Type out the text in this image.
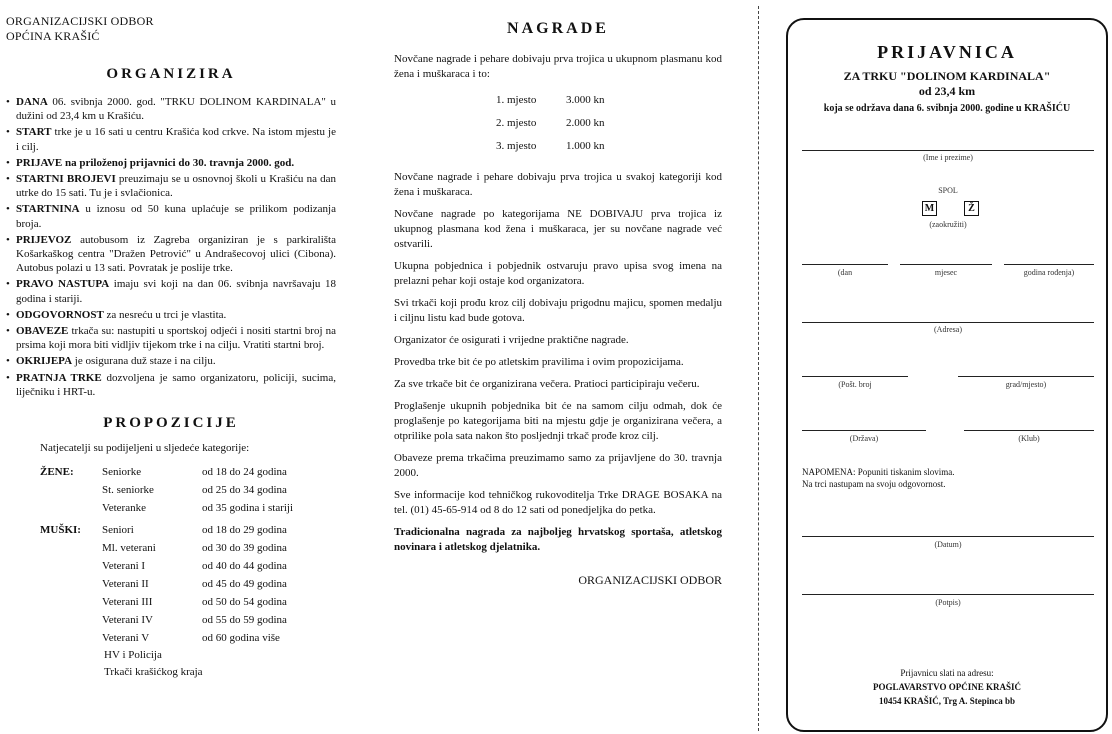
ORGANIZACIJSKI ODBOR
OPĆINA KRAŠIĆ
ORGANIZIRA
• DANA 06. svibnja 2000. god. "TRKU DOLINOM KARDINALA" u dužini od 23,4 km u Krašiću.
• START trke je u 16 sati u centru Krašića kod crkve. Na istom mjestu je i cilj.
• PRIJAVE na priloženoj prijavnici do 30. travnja 2000. god.
• STARTNI BROJEVI preuzimaju se u osnovnoj školi u Krašiću na dan utrke do 15 sati. Tu je i svlačionica.
• STARTNINA u iznosu od 50 kuna uplaćuje se prilikom podizanja broja.
• PRIJEVOZ autobusom iz Zagreba organiziran je s parkirališta Košarkaškog centra "Dražen Petrović" u Andrašecovoj ulici (Cibona). Autobus polazi u 13 sati. Povratak je poslije trke.
• PRAVO NASTUPA imaju svi koji na dan 06. svibnja navršavaju 18 godina i stariji.
• ODGOVORNOST za nesreću u trci je vlastita.
• OBAVEZE trkača su: nastupiti u sportskoj odjeći i nositi startni broj na prsima koji mora biti vidljiv tijekom trke i na cilju. Vratiti startni broj.
• OKRIJEPA je osigurana duž staze i na cilju.
• PRATNJA TRKE dozvoljena je samo organizatoru, policiji, sucima, liječniku i HRT-u.
PROPOZICIJE
Natjecatelji su podijeljeni u sljedeće kategorije:
ŽENE:	Seniorke	od 18 do 24 godina
St. seniorke	od 25 do 34 godina
Veteranke	od 35 godina i stariji
MUŠKI:	Seniori	od 18 do 29 godina
Ml. veterani	od 30 do 39 godina
Veterani I	od 40 do 44 godina
Veterani II	od 45 do 49 godina
Veterani III	od 50 do 54 godina
Veterani IV	od 55 do 59 godina
Veterani V	od 60 godina više
HV i Policija
Trkači krašićkog kraja
NAGRADE

Novčane nagrade i pehare dobivaju prva trojica u ukupnom plasmanu kod žena i muškaraca i to:

1. mjesto	3.000 kn
2. mjesto	2.000 kn
3. mjesto	1.000 kn

Novčane nagrade i pehare dobivaju prva trojica u svakoj kategoriji kod žena i muškaraca.

Novčane nagrade po kategorijama NE DOBIVAJU prva trojica iz ukupnog plasmana kod žena i muškaraca, jer su novčane nagrade već ostvarili.

Ukupna pobjednica i pobjednik ostvaruju pravo upisa svog imena na prelazni pehar koji ostaje kod organizatora.

Svi trkači koji prođu kroz cilj dobivaju prigodnu majicu, spomen medalju i ciljnu listu kad bude gotova.

Organizator će osigurati i vrijedne praktične nagrade.

Provedba trke bit će po atletskim pravilima i ovim propozicijama.

Za sve trkače bit će organizirana večera. Pratioci participiraju večeru.

Proglašenje ukupnih pobjednika bit će na samom cilju odmah, dok će proglašenje po kategorijama biti na mjestu gdje je organizirana večera, a otprilike pola sata nakon što posljednji trkač prođe kroz cilj.

Obaveze prema trkačima preuzimamo samo za prijavljene do 30. travnja 2000.

Sve informacije kod tehničkog rukovoditelja Trke DRAGE BOSAKA na tel. (01) 45-65-914 od 8 do 12 sati od ponedjeljka do petka.

Tradicionalna nagrada za najboljeg hrvatskog sportaša, atletskog novinara i atletskog djelatnika.

ORGANIZACIJSKI ODBOR
PRIJAVNICA
ZA TRKU "DOLINOM KARDINALA"
od 23,4 km
koja se održava dana 6. svibnja 2000. godine u KRAŠIĆU
(Ime i prezime)
SPOL
M	Ž
(zaokružiti)
(dan	mjesec	godina rođenja)
(Adresa)
(Pošt. broj	grad/mjesto)
(Država)	(Klub)
NAPOMENA: Popuniti tiskanim slovima.
Na trci nastupam na svoju odgovornost.
(Datum)
(Potpis)
Prijavnicu slati na adresu:
POGLAVARSTVO OPĆINE KRAŠIĆ
10454 KRAŠIĆ, Trg A. Stepinca bb
